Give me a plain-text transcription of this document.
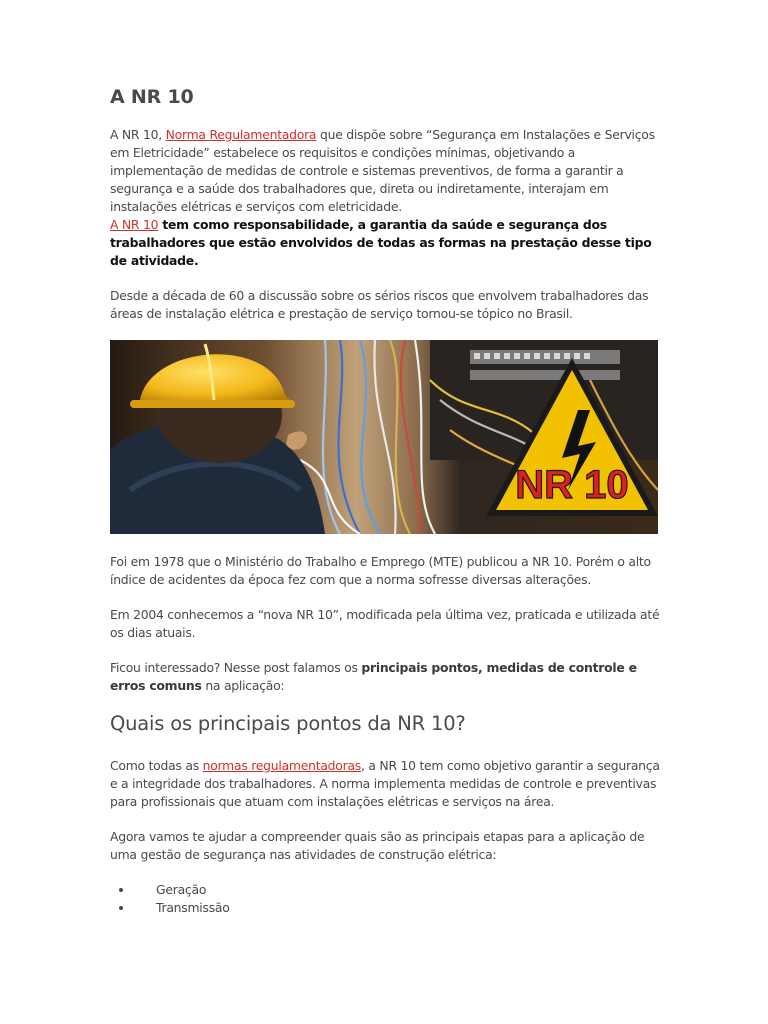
A NR 10

A NR 10, Norma Regulamentadora que dispõe sobre “Segurança em Instalações e Serviços em Eletricidade” estabelece os requisitos e condições mínimas, objetivando a implementação de medidas de controle e sistemas preventivos, de forma a garantir a segurança e a saúde dos trabalhadores que, direta ou indiretamente, interajam em instalações elétricas e serviços com eletricidade.

A NR 10 tem como responsabilidade, a garantia da saúde e segurança dos trabalhadores que estão envolvidos de todas as formas na prestação desse tipo de atividade.

Desde a década de 60 a discussão sobre os sérios riscos que envolvem trabalhadores das áreas de instalação elétrica e prestação de serviço tornou-se tópico no Brasil.

NR 10

Foi em 1978 que o Ministério do Trabalho e Emprego (MTE) publicou a NR 10. Porém o alto índice de acidentes da época fez com que a norma sofresse diversas alterações.

Em 2004 conhecemos a “nova NR 10”, modificada pela última vez, praticada e utilizada até os dias atuais.

Ficou interessado? Nesse post falamos os principais pontos, medidas de controle e erros comuns na aplicação:

Quais os principais pontos da NR 10?

Como todas as normas regulamentadoras, a NR 10 tem como objetivo garantir a segurança e a integridade dos trabalhadores. A norma implementa medidas de controle e preventivas para profissionais que atuam com instalações elétricas e serviços na área.

Agora vamos te ajudar a compreender quais são as principais etapas para a aplicação de uma gestão de segurança nas atividades de construção elétrica:

• Geração
• Transmissão
